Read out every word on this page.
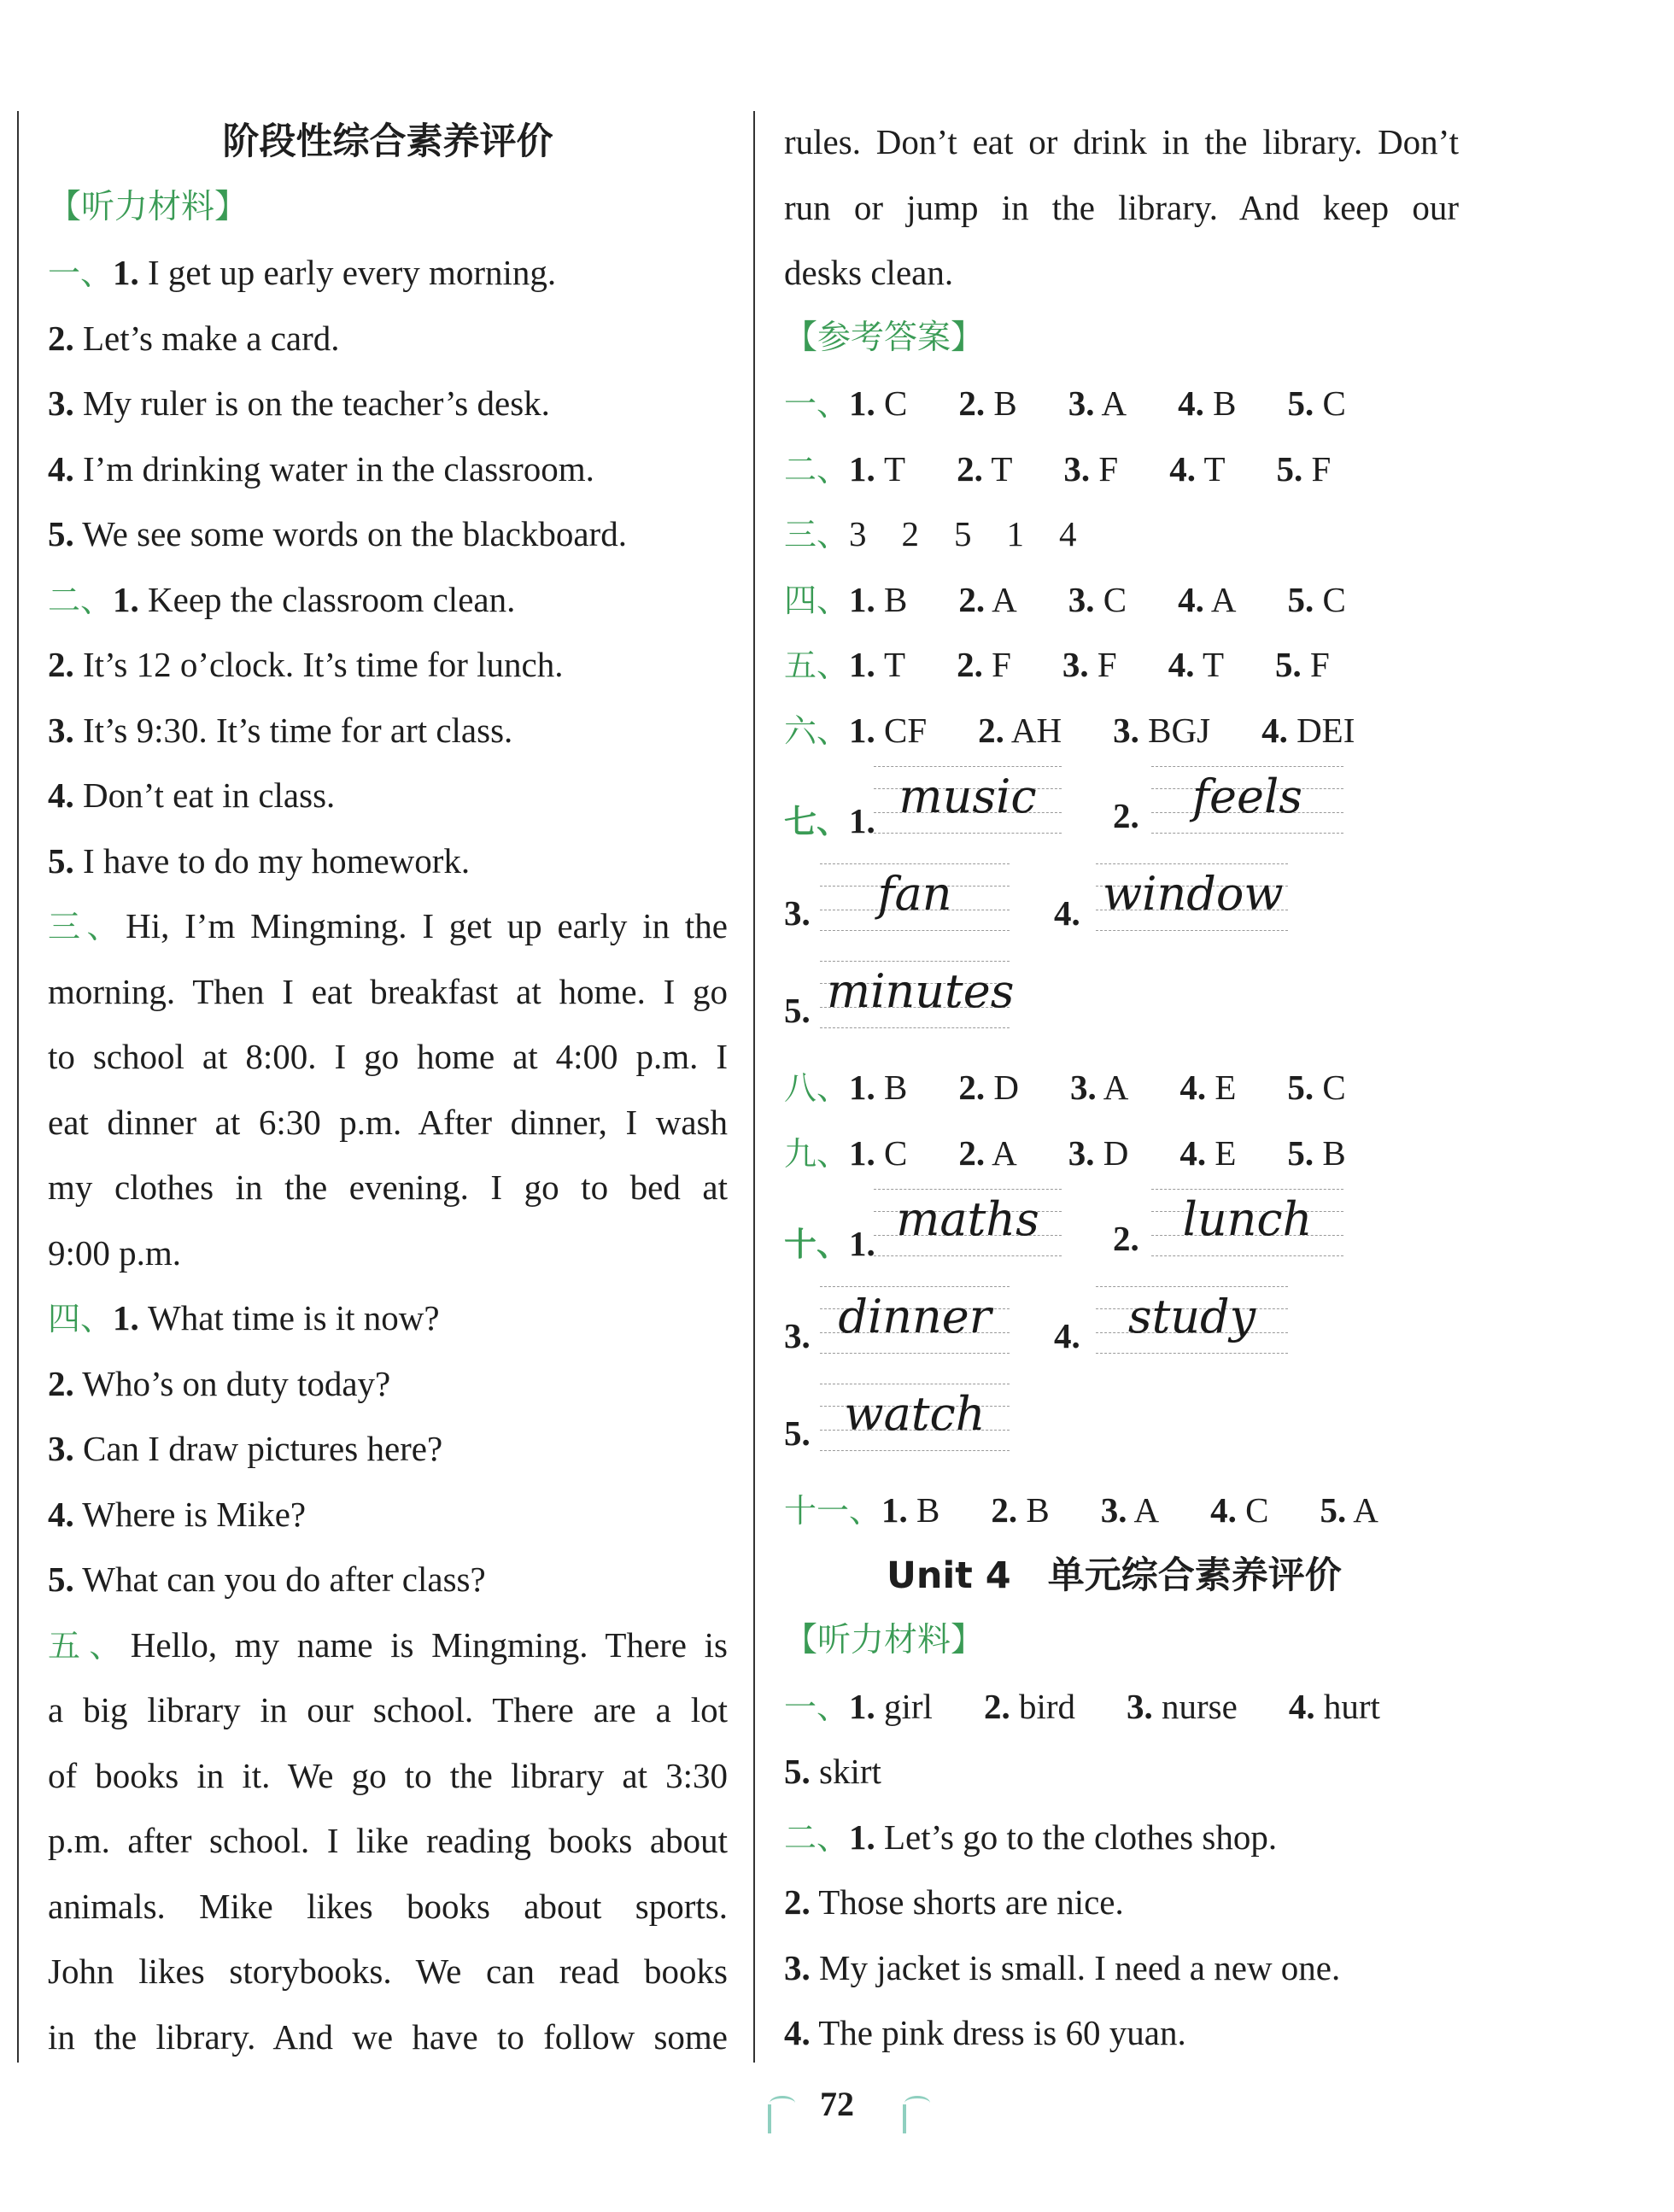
阶段性综合素养评价
【听力材料】
一、1. I get up early every morning.
2. Let’s make a card.
3. My ruler is on the teacher’s desk.
4. I’m drinking water in the classroom.
5. We see some words on the blackboard.
二、1. Keep the classroom clean.
2. It’s 12 o’clock. It’s time for lunch.
3. It’s 9:30. It’s time for art class.
4. Don’t eat in class.
5. I have to do my homework.
三、Hi, I’m Mingming. I get up early in the
morning. Then I eat breakfast at home. I go
to school at 8:00. I go home at 4:00 p.m. I
eat dinner at 6:30 p.m. After dinner, I wash
my clothes in the evening. I go to bed at
9:00 p.m.
四、1. What time is it now?
2. Who’s on duty today?
3. Can I draw pictures here?
4. Where is Mike?
5. What can you do after class?
五、Hello, my name is Mingming. There is
a big library in our school. There are a lot
of books in it. We go to the library at 3:30
p.m. after school. I like reading books about
animals. Mike likes books about sports.
John likes storybooks. We can read books
in the library. And we have to follow some
rules. Don’t eat or drink in the library. Don’t
run or jump in the library. And keep our
desks clean.
【参考答案】
一、1. C 2. B 3. A 4. B 5. C
二、1. T 2. T 3. F 4. T 5. F
三、3　2　5　1　4
四、1. B 2. A 3. C 4. A 5. C
五、1. T 2. F 3. F 4. T 5. F
六、1. CF 2. AH 3. BGJ 4. DEI
七、1. music	2.	feels
3.	fan	4. window
5. minutes
八、1. B 2. D 3. A 4. E 5. C
九、1. C 2. A 3. D 4. E 5. B
十、1. maths	2. lunch
3. dinner	4.	study
5. watch
十一、1. B 2. B 3. A 4. C 5. A
Unit 4　单元综合素养评价
【听力材料】
一、1. girl 2. bird 3. nurse 4. hurt
5. skirt
二、1. Let’s go to the clothes shop.
2. Those shorts are nice.
3. My jacket is small. I need a new one.
4. The pink dress is 60 yuan.
72
